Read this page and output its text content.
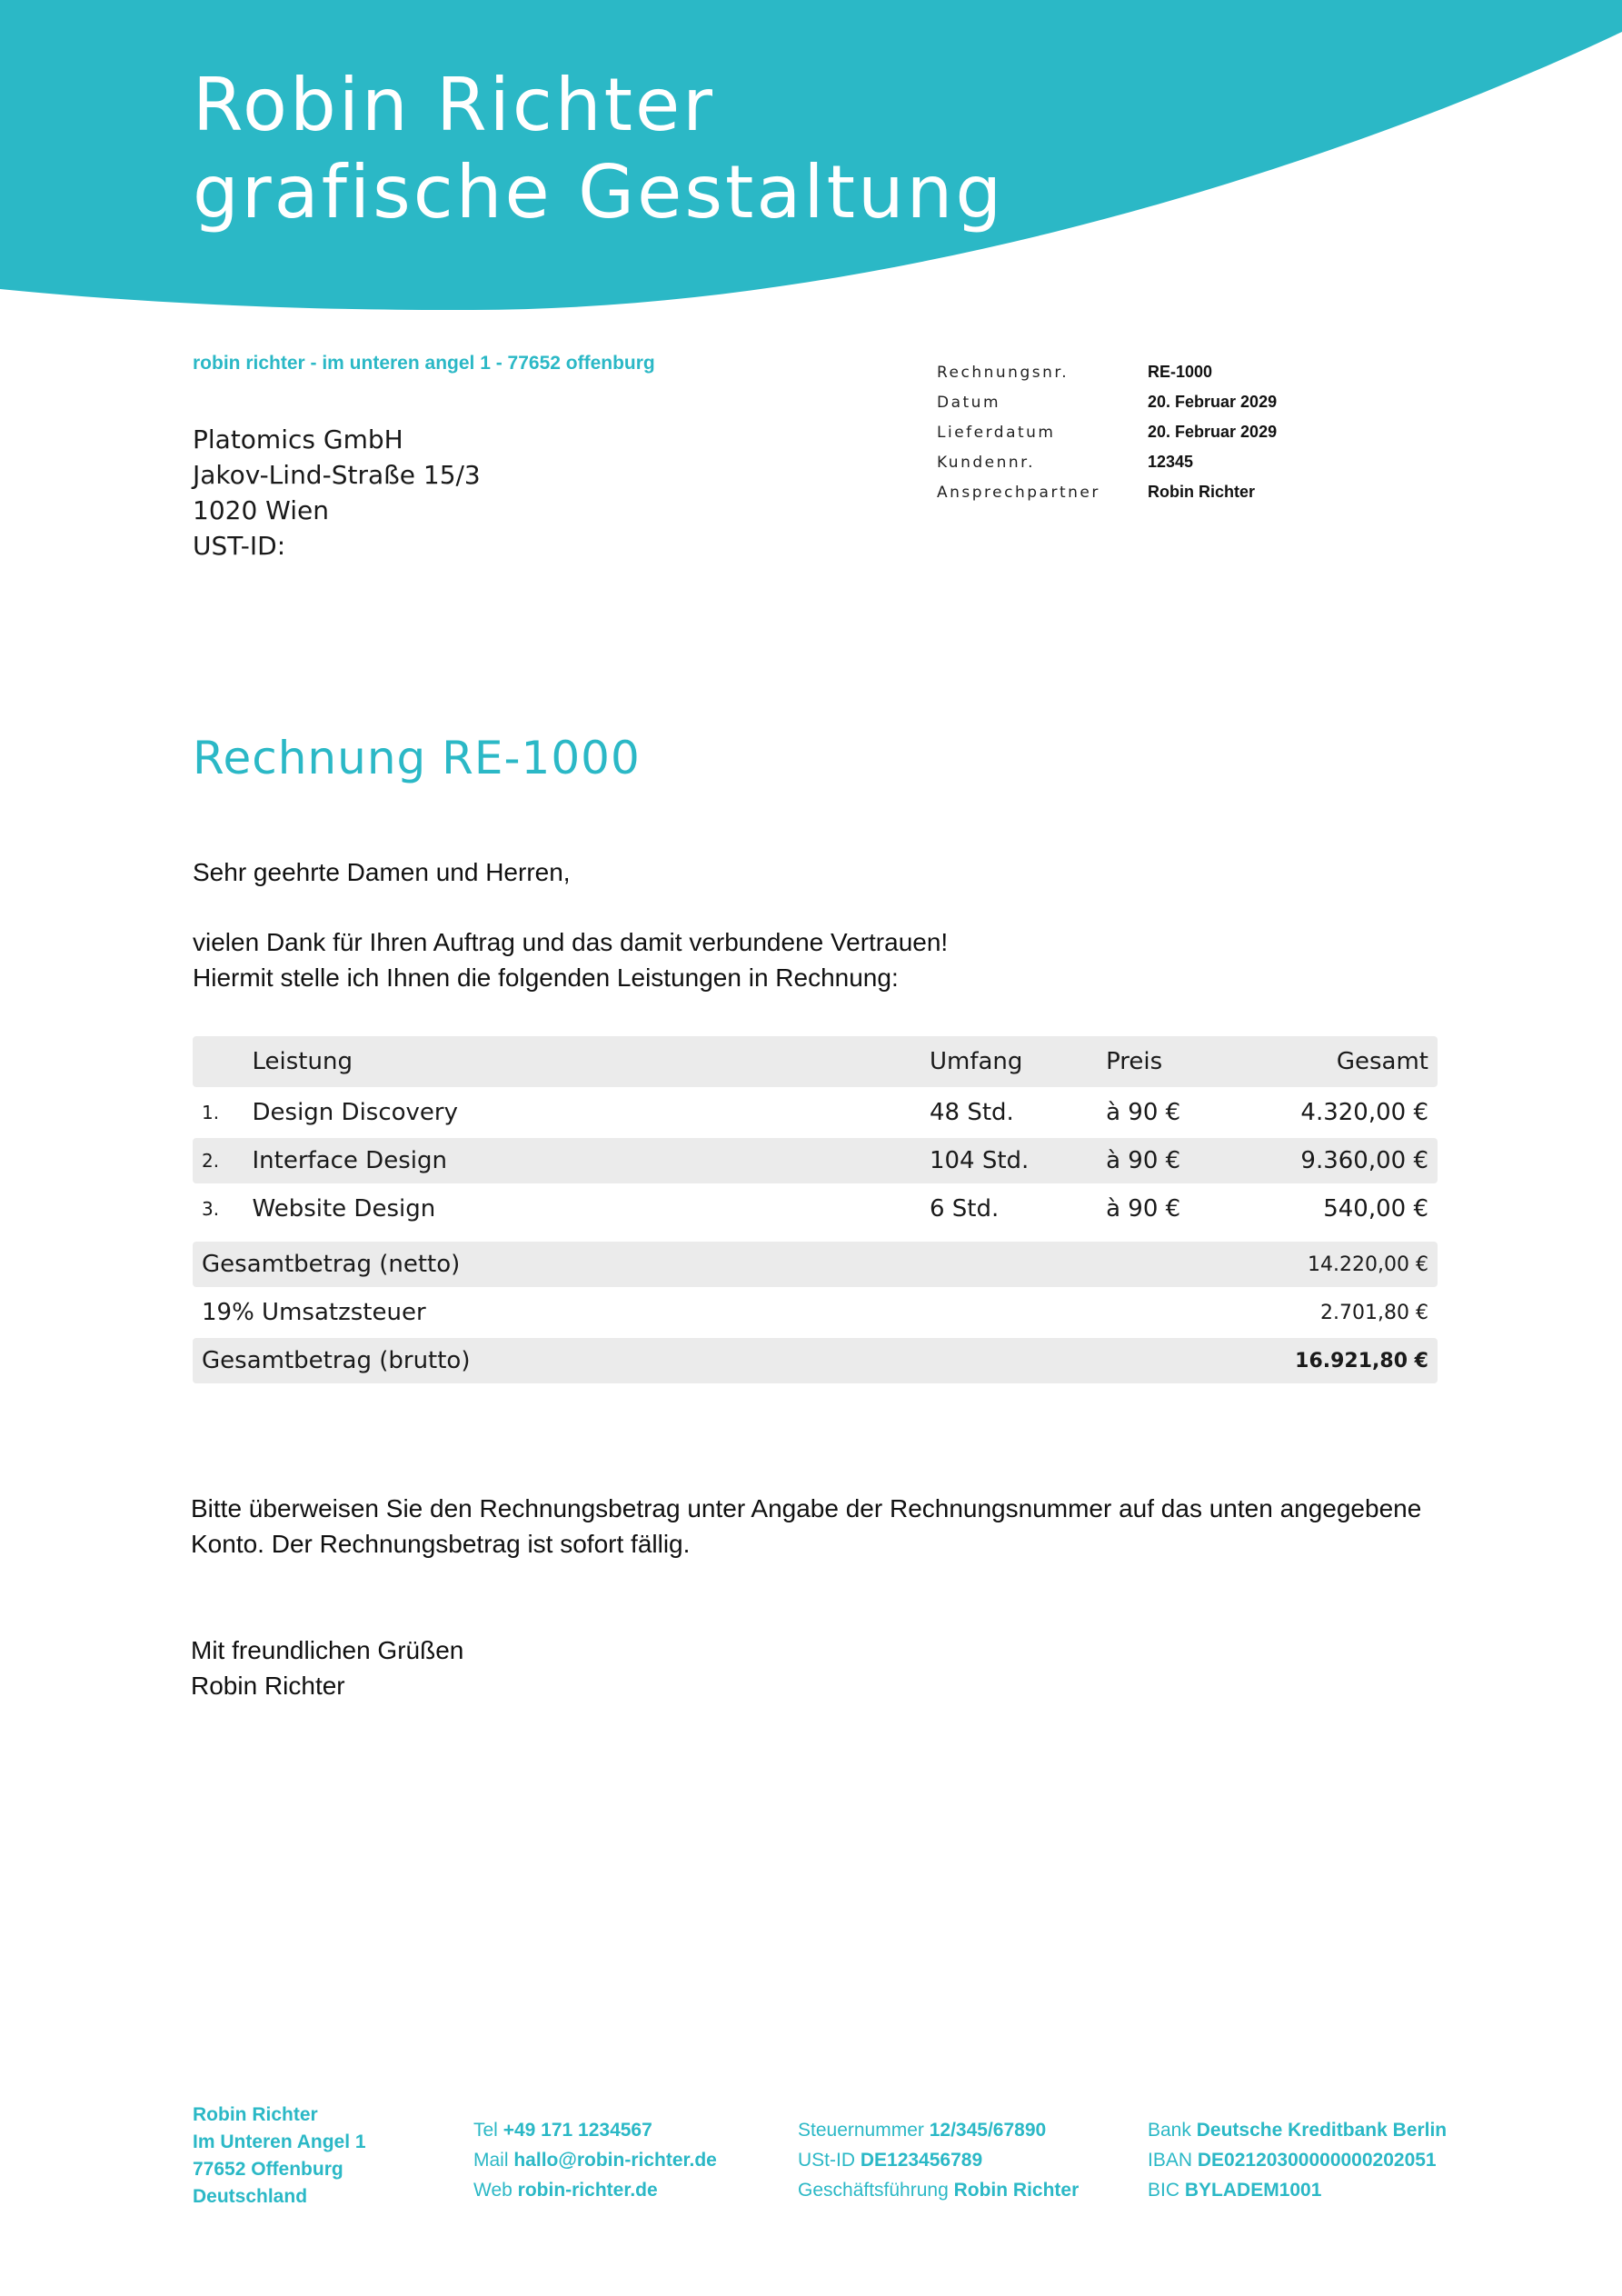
Robin Richter
grafische Gestaltung
robin richter - im unteren angel 1 - 77652 offenburg
Platomics GmbH
Jakov-Lind-Straße 15/3
1020 Wien
UST-ID:
Rechnungsnr.	RE-1000
Datum	20. Februar 2029
Lieferdatum	20. Februar 2029
Kundennr.	12345
Ansprechpartner	Robin Richter
Rechnung RE-1000
Sehr geehrte Damen und Herren,
vielen Dank für Ihren Auftrag und das damit verbundene Vertrauen!
Hiermit stelle ich Ihnen die folgenden Leistungen in Rechnung:
	Leistung	Umfang	Preis	Gesamt
1.	Design Discovery	48 Std.	à 90 €	4.320,00 €
2.	Interface Design	104 Std.	à 90 €	9.360,00 €
3.	Website Design	6 Std.	à 90 €	540,00 €

Gesamtbetrag (netto)				14.220,00 €
19% Umsatzsteuer				2.701,80 €
Gesamtbetrag (brutto)				16.921,80 €
Bitte überweisen Sie den Rechnungsbetrag unter Angabe der Rechnungsnummer auf das unten angegebene
Konto. Der Rechnungsbetrag ist sofort fällig.
Mit freundlichen Grüßen
Robin Richter
Robin Richter
Im Unteren Angel 1
77652 Offenburg
Deutschland
Tel +49 171 1234567
Mail hallo@robin-richter.de
Web robin-richter.de
Steuernummer 12/345/67890
USt-ID DE123456789
Geschäftsführung Robin Richter
Bank Deutsche Kreditbank Berlin
IBAN DE02120300000000202051
BIC BYLADEM1001
